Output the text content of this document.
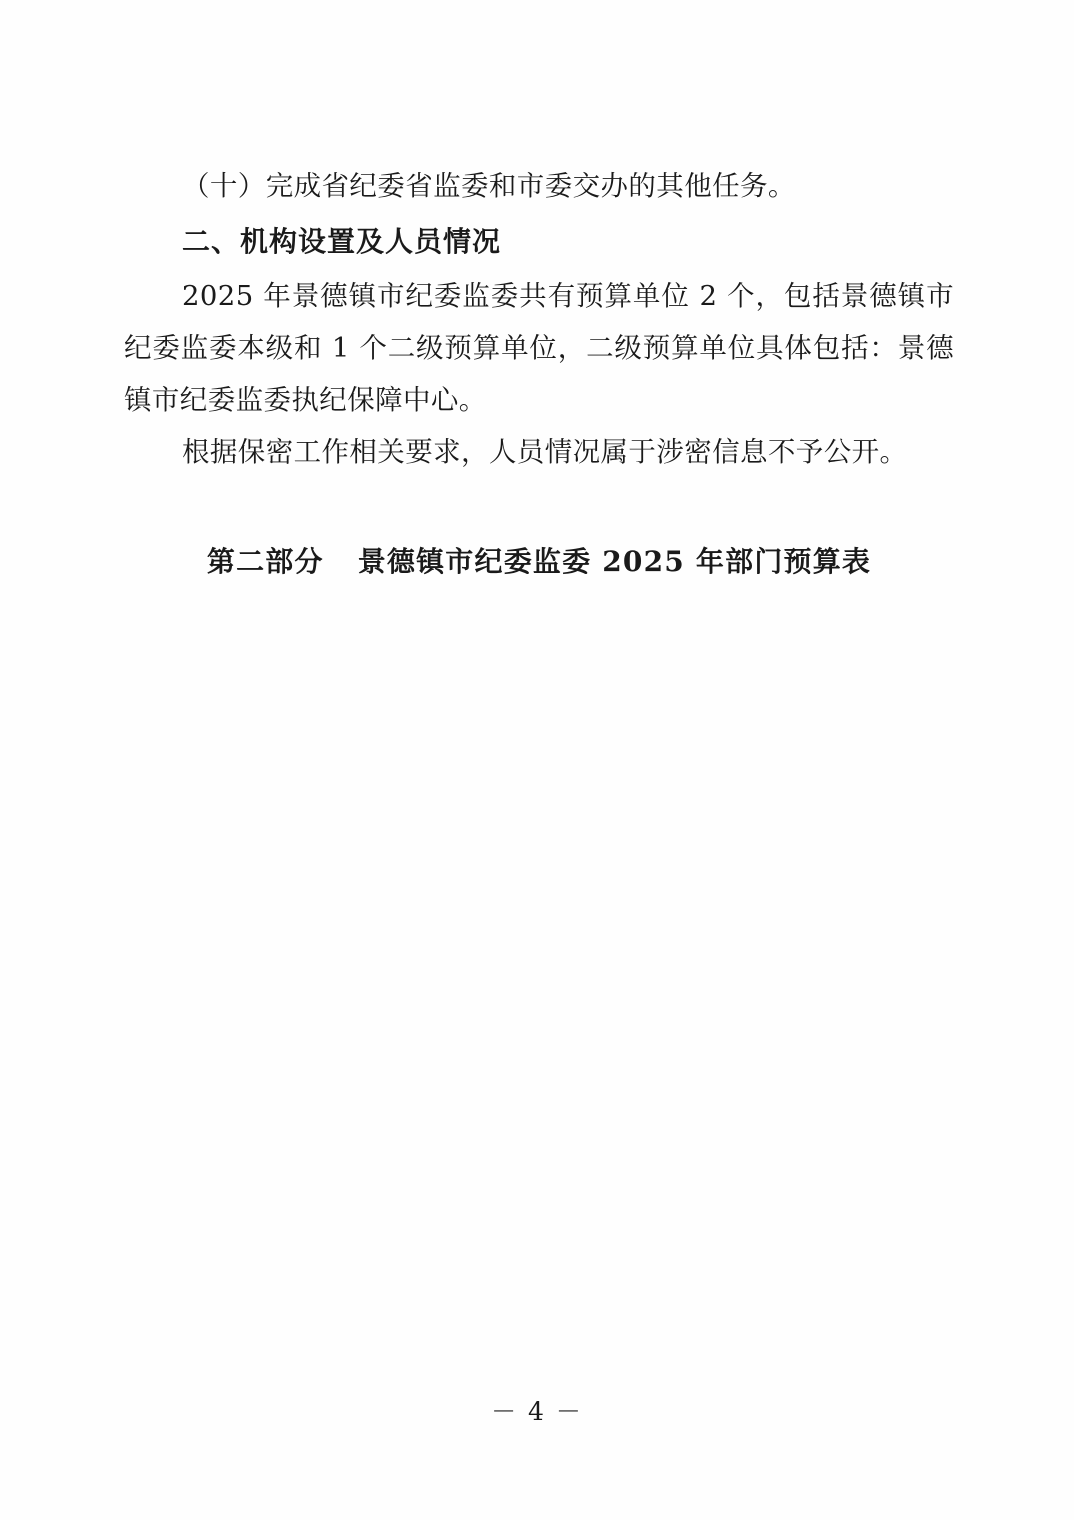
（十）完成省纪委省监委和市委交办的其他任务。

二、机构设置及人员情况

2025 年景德镇市纪委监委共有预算单位 2 个，包括景德镇市纪委监委本级和 1 个二级预算单位，二级预算单位具体包括：景德镇市纪委监委执纪保障中心。

根据保密工作相关要求，人员情况属于涉密信息不予公开。

第二部分 景德镇市纪委监委 2025 年部门预算表
－ 4 －
